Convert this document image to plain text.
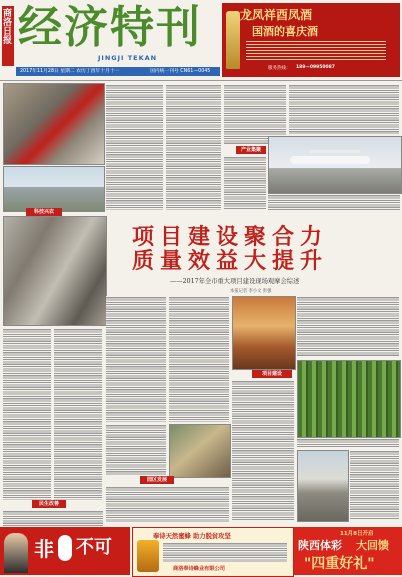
商洛日报 经济特刊
JINGJI TEKAN
2017年11月28日 星期二 农历丁酉年十月十一	国内统一刊号 CN61—0045
龙凤祥酉凤酒
国酒的喜庆酒
服务热线：	189—09950087
科技兴农
产业集聚
项目建设聚合力
质量效益大提升
——2017年全市重大项目建设现场观摩会综述
本报记者 李小文 彭强
民生改善
项目建设
园区发展
非 不可
奉诗天然蜜蜂 助力脱贫攻坚
商洛奉诗蜂业有限公司
11月8日开启
陕西体彩	大回馈
"四重好礼"
